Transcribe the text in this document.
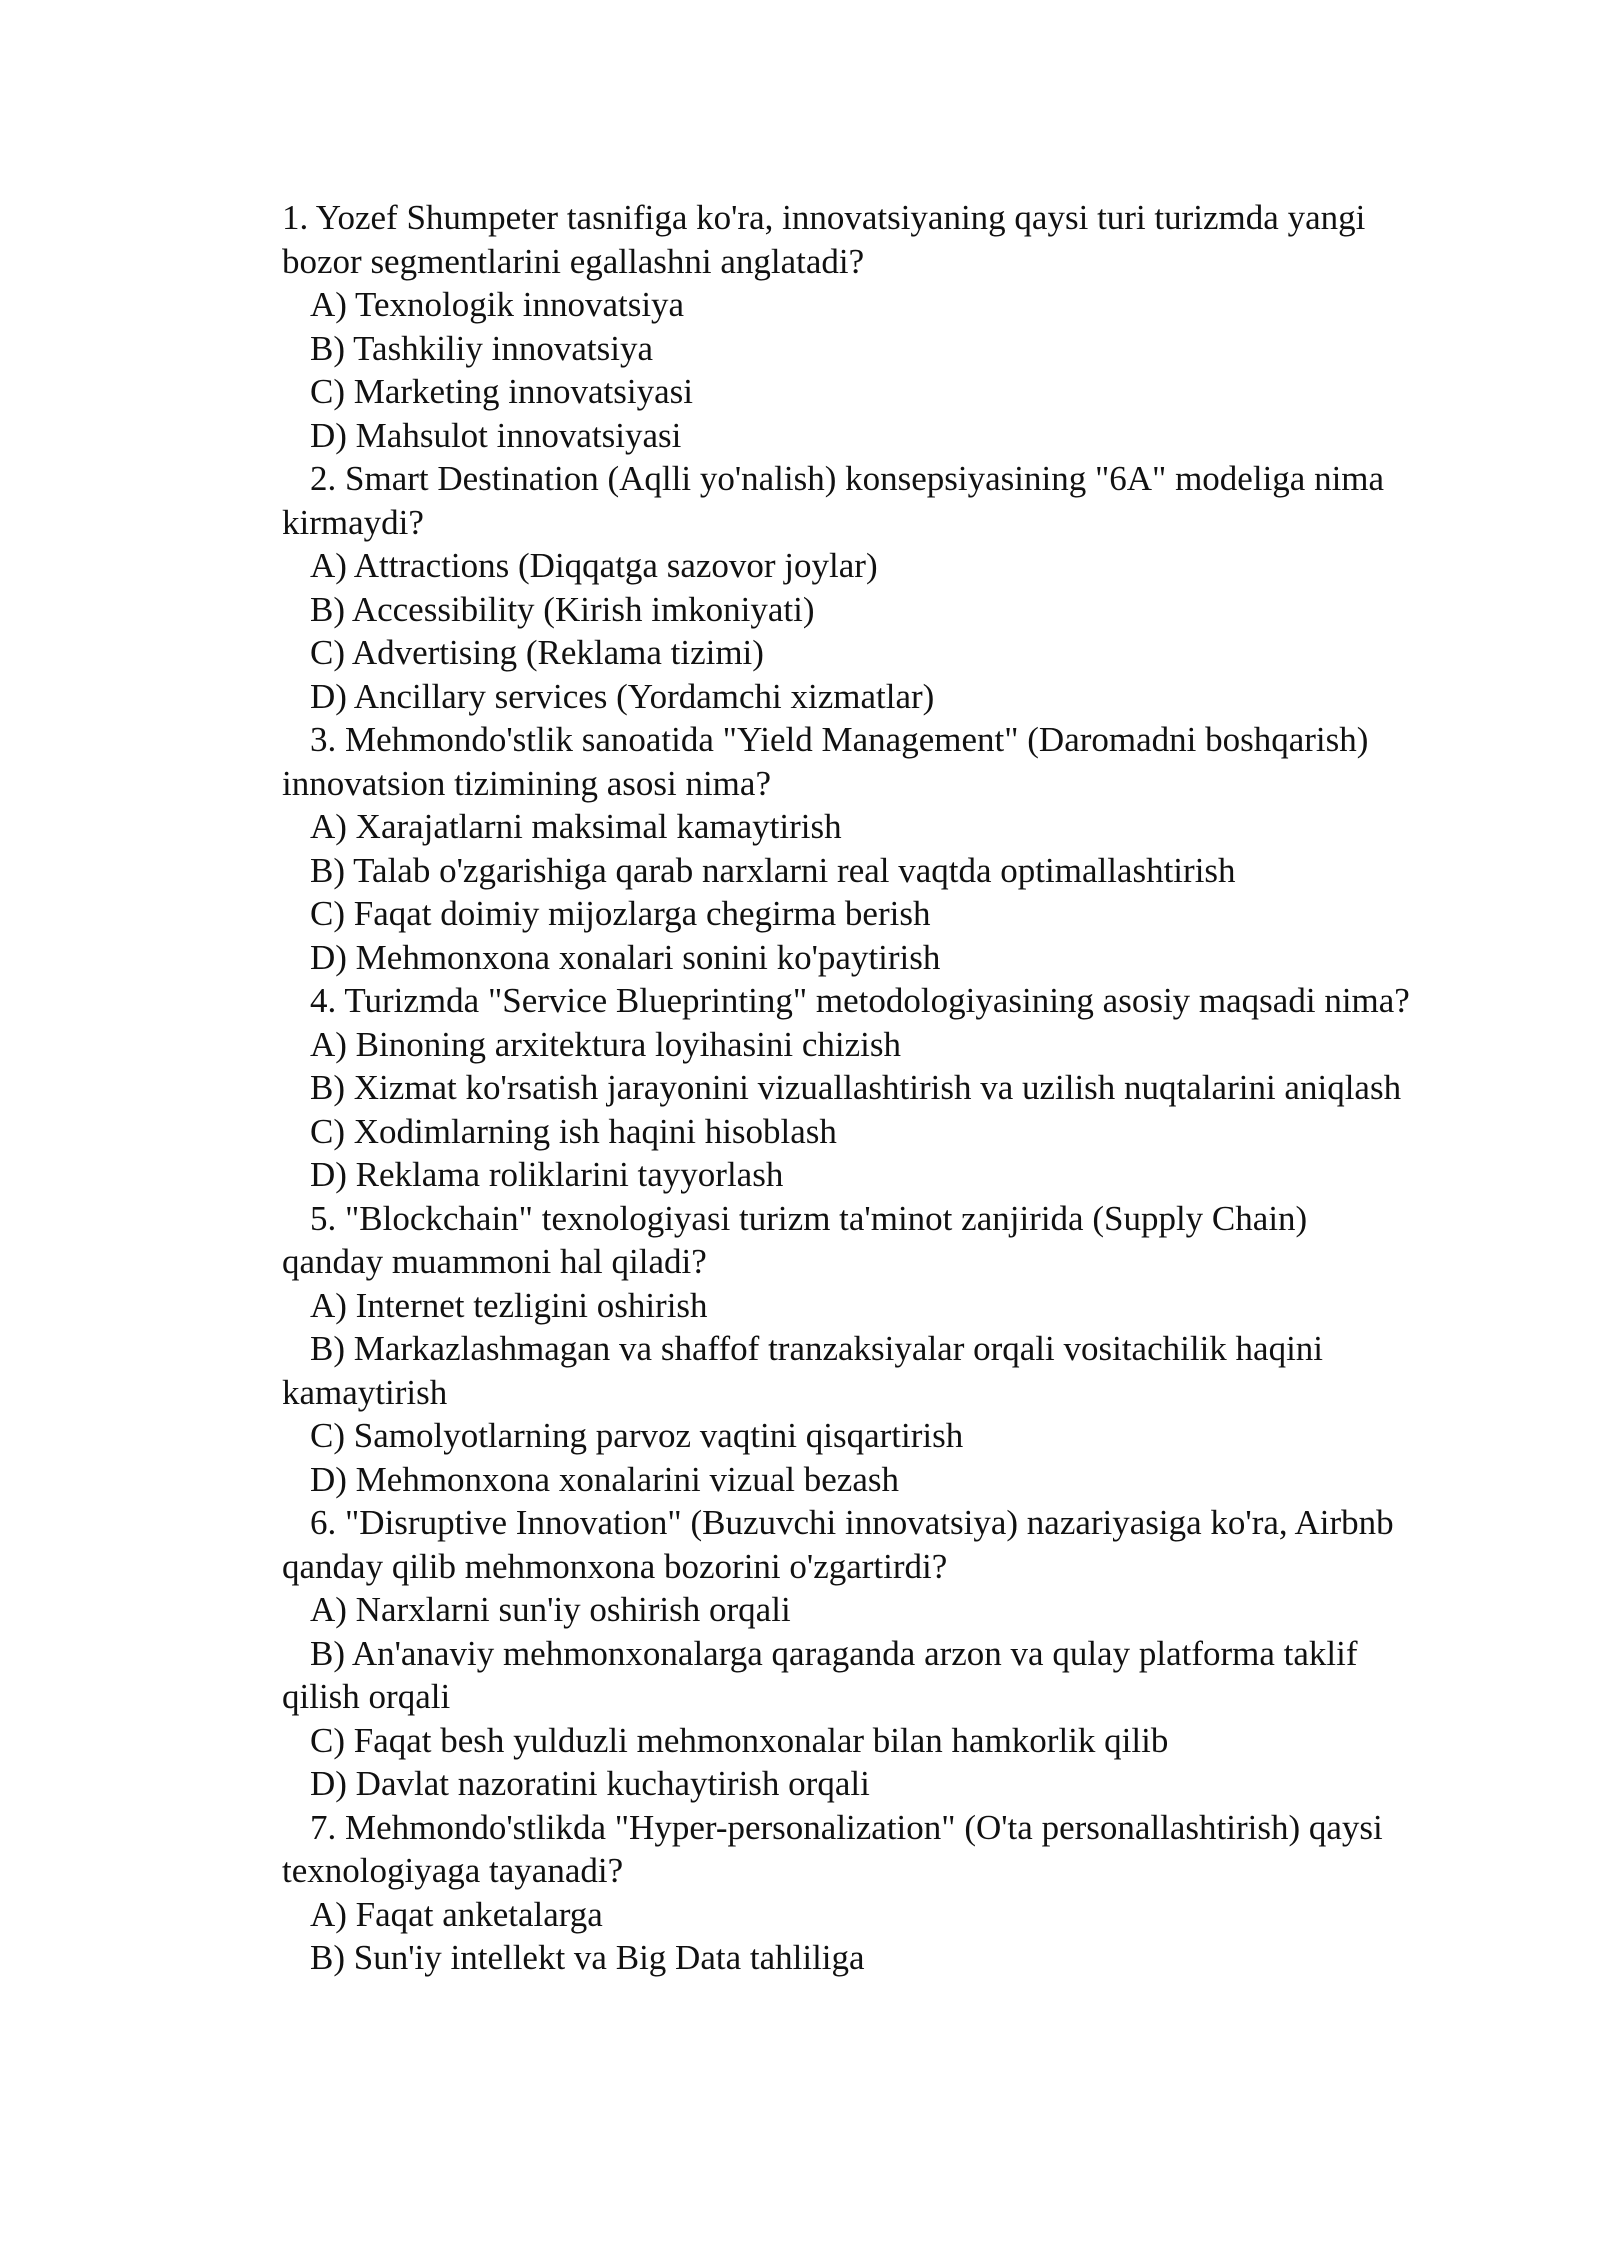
1. Yozef Shumpeter tasnifiga ko'ra, innovatsiyaning qaysi turi turizmda yangi bozor segmentlarini egallashni anglatadi?

A) Texnologik innovatsiya

B) Tashkiliy innovatsiya

C) Marketing innovatsiyasi

D) Mahsulot innovatsiyasi

2. Smart Destination (Aqlli yo'nalish) konsepsiyasining "6A" modeliga nima kirmaydi?

A) Attractions (Diqqatga sazovor joylar)

B) Accessibility (Kirish imkoniyati)

C) Advertising (Reklama tizimi)

D) Ancillary services (Yordamchi xizmatlar)

3. Mehmondo'stlik sanoatida "Yield Management" (Daromadni boshqarish) innovatsion tizimining asosi nima?

A) Xarajatlarni maksimal kamaytirish

B) Talab o'zgarishiga qarab narxlarni real vaqtda optimallashtirish

C) Faqat doimiy mijozlarga chegirma berish

D) Mehmonxona xonalari sonini ko'paytirish

4. Turizmda "Service Blueprinting" metodologiyasining asosiy maqsadi nima?

A) Binoning arxitektura loyihasini chizish

B) Xizmat ko'rsatish jarayonini vizuallashtirish va uzilish nuqtalarini aniqlash

C) Xodimlarning ish haqini hisoblash

D) Reklama roliklarini tayyorlash

5. "Blockchain" texnologiyasi turizm ta'minot zanjirida (Supply Chain) qanday muammoni hal qiladi?

A) Internet tezligini oshirish

B) Markazlashmagan va shaffof tranzaksiyalar orqali vositachilik haqini kamaytirish

C) Samolyotlarning parvoz vaqtini qisqartirish

D) Mehmonxona xonalarini vizual bezash

6. "Disruptive Innovation" (Buzuvchi innovatsiya) nazariyasiga ko'ra, Airbnb qanday qilib mehmonxona bozorini o'zgartirdi?

A) Narxlarni sun'iy oshirish orqali

B) An'anaviy mehmonxonalarga qaraganda arzon va qulay platforma taklif qilish orqali

C) Faqat besh yulduzli mehmonxonalar bilan hamkorlik qilib

D) Davlat nazoratini kuchaytirish orqali

7. Mehmondo'stlikda "Hyper-personalization" (O'ta personallashtirish) qaysi texnologiyaga tayanadi?

A) Faqat anketalarga

B) Sun'iy intellekt va Big Data tahliliga
